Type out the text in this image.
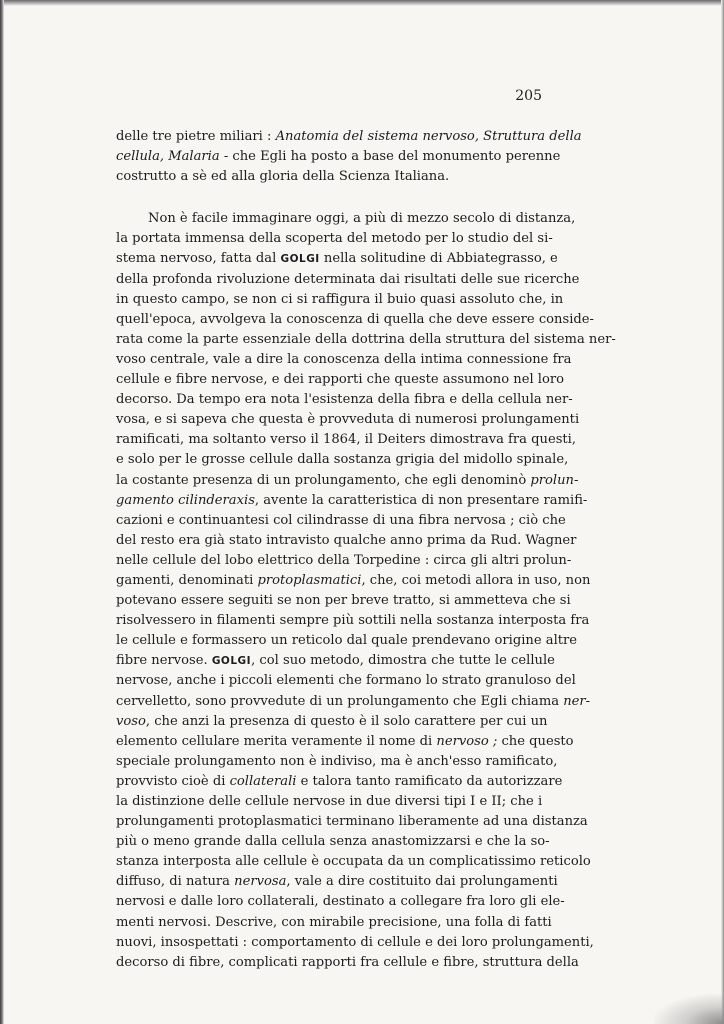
205
delle tre pietre miliari : Anatomia del sistema nervoso, Struttura della
cellula, Malaria - che Egli ha posto a base del monumento perenne
costrutto a sè ed alla gloria della Scienza Italiana.
Non è facile immaginare oggi, a più di mezzo secolo di distanza,
la portata immensa della scoperta del metodo per lo studio del si-
stema nervoso, fatta dal GOLGI nella solitudine di Abbiategrasso, e
della profonda rivoluzione determinata dai risultati delle sue ricerche
in questo campo, se non ci si raffigura il buio quasi assoluto che, in
quell'epoca, avvolgeva la conoscenza di quella che deve essere conside-
rata come la parte essenziale della dottrina della struttura del sistema ner-
voso centrale, vale a dire la conoscenza della intima connessione fra
cellule e fibre nervose, e dei rapporti che queste assumono nel loro
decorso. Da tempo era nota l'esistenza della fibra e della cellula ner-
vosa, e si sapeva che questa è provveduta di numerosi prolungamenti
ramificati, ma soltanto verso il 1864, il Deiters dimostrava fra questi,
e solo per le grosse cellule dalla sostanza grigia del midollo spinale,
la costante presenza di un prolungamento, che egli denominò prolun-
gamento cilinderaxis, avente la caratteristica di non presentare ramifi-
cazioni e continuantesi col cilindrasse di una fibra nervosa ; ciò che
del resto era già stato intravisto qualche anno prima da Rud. Wagner
nelle cellule del lobo elettrico della Torpedine : circa gli altri prolun-
gamenti, denominati protoplasmatici, che, coi metodi allora in uso, non
potevano essere seguiti se non per breve tratto, si ammetteva che si
risolvessero in filamenti sempre più sottili nella sostanza interposta fra
le cellule e formassero un reticolo dal quale prendevano origine altre
fibre nervose. GOLGI, col suo metodo, dimostra che tutte le cellule
nervose, anche i piccoli elementi che formano lo strato granuloso del
cervelletto, sono provvedute di un prolungamento che Egli chiama ner-
voso, che anzi la presenza di questo è il solo carattere per cui un
elemento cellulare merita veramente il nome di nervoso ; che questo
speciale prolungamento non è indiviso, ma è anch'esso ramificato,
provvisto cioè di collaterali e talora tanto ramificato da autorizzare
la distinzione delle cellule nervose in due diversi tipi I e II; che i
prolungamenti protoplasmatici terminano liberamente ad una distanza
più o meno grande dalla cellula senza anastomizzarsi e che la so-
stanza interposta alle cellule è occupata da un complicatissimo reticolo
diffuso, di natura nervosa, vale a dire costituito dai prolungamenti
nervosi e dalle loro collaterali, destinato a collegare fra loro gli ele-
menti nervosi. Descrive, con mirabile precisione, una folla di fatti
nuovi, insospettati : comportamento di cellule e dei loro prolungamenti,
decorso di fibre, complicati rapporti fra cellule e fibre, struttura della
